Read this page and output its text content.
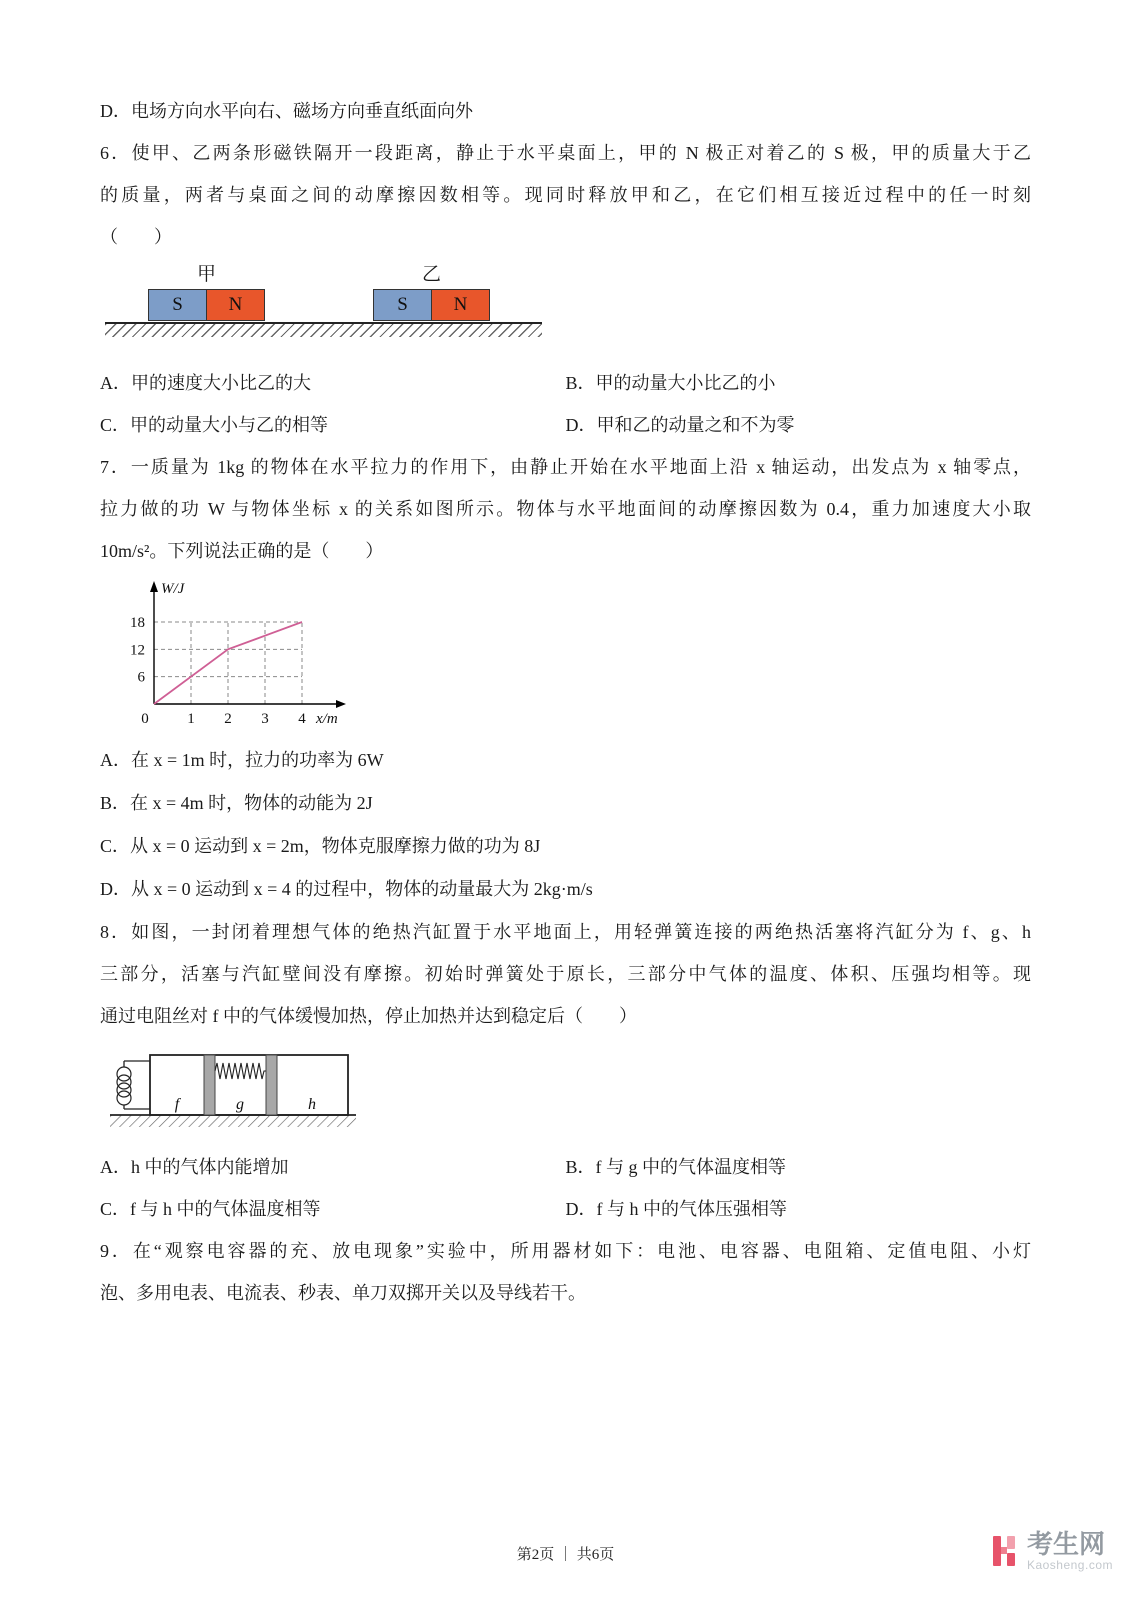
D．电场方向水平向右、磁场方向垂直纸面向外
6．使甲、乙两条形磁铁隔开一段距离，静止于水平桌面上，甲的 N 极正对着乙的 S 极，甲的质量大于乙
的质量，两者与桌面之间的动摩擦因数相等。现同时释放甲和乙，在它们相互接近过程中的任一时刻
（　　）
甲	乙
S	N	S	N
A．甲的速度大小比乙的大	B．甲的动量大小比乙的小
C．甲的动量大小与乙的相等	D．甲和乙的动量之和不为零
7．一质量为 1kg 的物体在水平拉力的作用下，由静止开始在水平地面上沿 x 轴运动，出发点为 x 轴零点，
拉力做的功 W 与物体坐标 x 的关系如图所示。物体与水平地面间的动摩擦因数为 0.4，重力加速度大小取
10m/s²。下列说法正确的是（　　）
W/J
x/m
6
12
18
0	1 2 3 4
A．在 x = 1m 时，拉力的功率为 6W
B．在 x = 4m 时，物体的动能为 2J
C．从 x = 0 运动到 x = 2m，物体克服摩擦力做的功为 8J
D．从 x = 0 运动到 x = 4 的过程中，物体的动量最大为 2kg·m/s
8．如图，一封闭着理想气体的绝热汽缸置于水平地面上，用轻弹簧连接的两绝热活塞将汽缸分为 f、g、h
三部分，活塞与汽缸壁间没有摩擦。初始时弹簧处于原长，三部分中气体的温度、体积、压强均相等。现
通过电阻丝对 f 中的气体缓慢加热，停止加热并达到稳定后（　　）
f	g	h
A．h 中的气体内能增加	B．f 与 g 中的气体温度相等
C．f 与 h 中的气体温度相等	D．f 与 h 中的气体压强相等
9．在“观察电容器的充、放电现象”实验中，所用器材如下：电池、电容器、电阻箱、定值电阻、小灯
泡、多用电表、电流表、秒表、单刀双掷开关以及导线若干。
第2页 ｜ 共6页	考生网
Kaosheng.com
